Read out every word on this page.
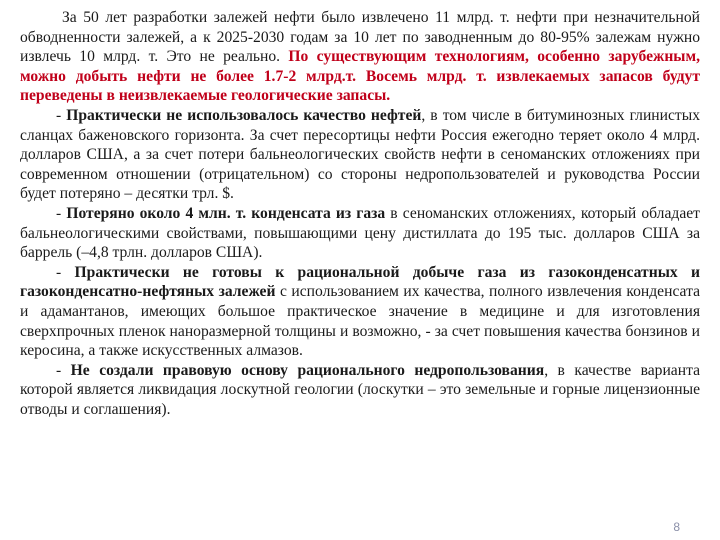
За 50 лет разработки залежей нефти было извлечено 11 млрд. т. нефти при незначительной обводненности залежей, а к 2025-2030 годам за 10 лет по заводненным до 80-95% залежам нужно извлечь 10 млрд. т. Это не реально. По существующим технологиям, особенно зарубежным, можно добыть нефти не более 1.7-2 млрд.т. Восемь млрд. т. извлекаемых запасов будут переведены в неизвлекаемые геологические запасы.

- Практически не использовалось качество нефтей, в том числе в битуминозных глинистых сланцах баженовского горизонта. За счет пересортицы нефти Россия ежегодно теряет около 4 млрд. долларов США, а за счет потери бальнеологических свойств нефти в сеноманских отложениях при современном отношении (отрицательном) со стороны недропользователей и руководства России будет потеряно – десятки трл. $.

- Потеряно около 4 млн. т. конденсата из газа в сеноманских отложениях, который обладает бальнеологическими свойствами, повышающими цену дистиллата до 195 тыс. долларов США за баррель (–4,8 трлн. долларов США).

- Практически не готовы к рациональной добыче газа из газоконденсатных и газоконденсатно-нефтяных залежей с использованием их качества, полного извлечения конденсата и адамантанов, имеющих большое практическое значение в медицине и для изготовления сверхпрочных пленок наноразмерной толщины и возможно, - за счет повышения качества бонзинов и керосина, а также искусственных алмазов.

- Не создали правовую основу рационального недропользования, в качестве варианта которой является ликвидация лоскутной геологии (лоскутки – это земельные и горные лицензионные отводы и соглашения).

8
